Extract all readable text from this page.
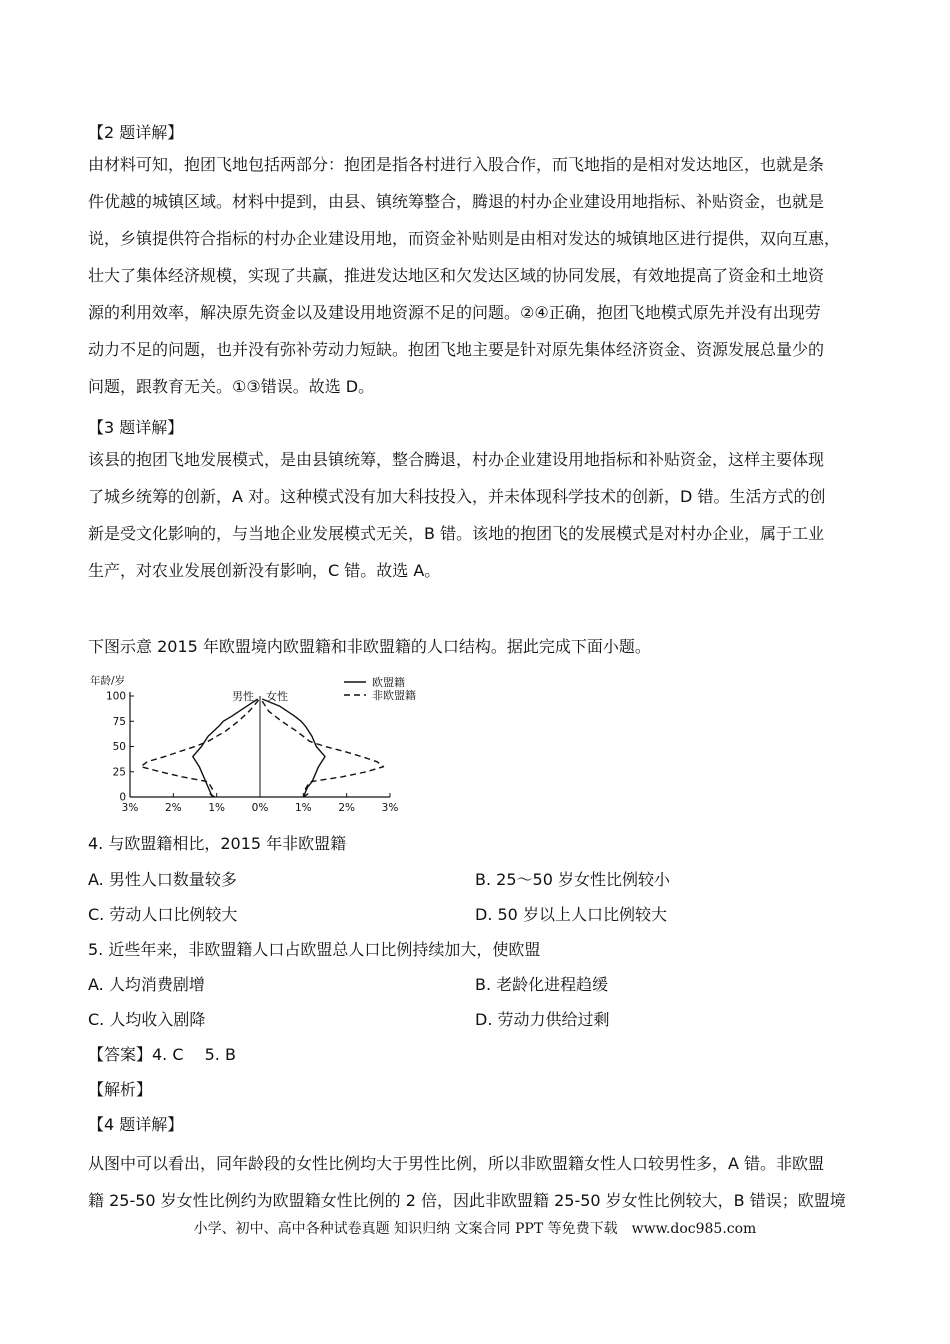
【2 题详解】

由材料可知，抱团飞地包括两部分：抱团是指各村进行入股合作，而飞地指的是相对发达地区，也就是条

件优越的城镇区域。材料中提到，由县、镇统筹整合，腾退的村办企业建设用地指标、补贴资金，也就是

说，乡镇提供符合指标的村办企业建设用地，而资金补贴则是由相对发达的城镇地区进行提供，双向互惠，

壮大了集体经济规模，实现了共赢，推进发达地区和欠发达区域的协同发展，有效地提高了资金和土地资

源的利用效率，解决原先资金以及建设用地资源不足的问题。②④正确，抱团飞地模式原先并没有出现劳

动力不足的问题，也并没有弥补劳动力短缺。抱团飞地主要是针对原先集体经济资金、资源发展总量少的

问题，跟教育无关。①③错误。故选 D。

【3 题详解】

该县的抱团飞地发展模式，是由县镇统筹，整合腾退，村办企业建设用地指标和补贴资金，这样主要体现

了城乡统筹的创新，A 对。这种模式没有加大科技投入，并未体现科学技术的创新，D 错。生活方式的创

新是受文化影响的，与当地企业发展模式无关，B 错。该地的抱团飞的发展模式是对村办企业，属于工业

生产，对农业发展创新没有影响，C 错。故选 A。

下图示意 2015 年欧盟境内欧盟籍和非欧盟籍的人口结构。据此完成下面小题。

年龄/岁
0
25
50
75
100
3%	2%	1%	0%	1%	2%	3%
男性 女性
欧盟籍
非欧盟籍

4. 与欧盟籍相比，2015 年非欧盟籍

A. 男性人口数量较多	B. 25～50 岁女性比例较小

C. 劳动人口比例较大	D. 50 岁以上人口比例较大

5. 近些年来，非欧盟籍人口占欧盟总人口比例持续加大，使欧盟

A. 人均消费剧增	B. 老龄化进程趋缓

C. 人均收入剧降	D. 劳动力供给过剩

【答案】4. C　 5. B

【解析】

【4 题详解】

从图中可以看出，同年龄段的女性比例均大于男性比例，所以非欧盟籍女性人口较男性多，A 错。非欧盟

籍 25-50 岁女性比例约为欧盟籍女性比例的 2 倍，因此非欧盟籍 25-50 岁女性比例较大，B 错误；欧盟境

小学、初中、高中各种试卷真题 知识归纳 文案合同 PPT 等免费下载　www.doc985.com
